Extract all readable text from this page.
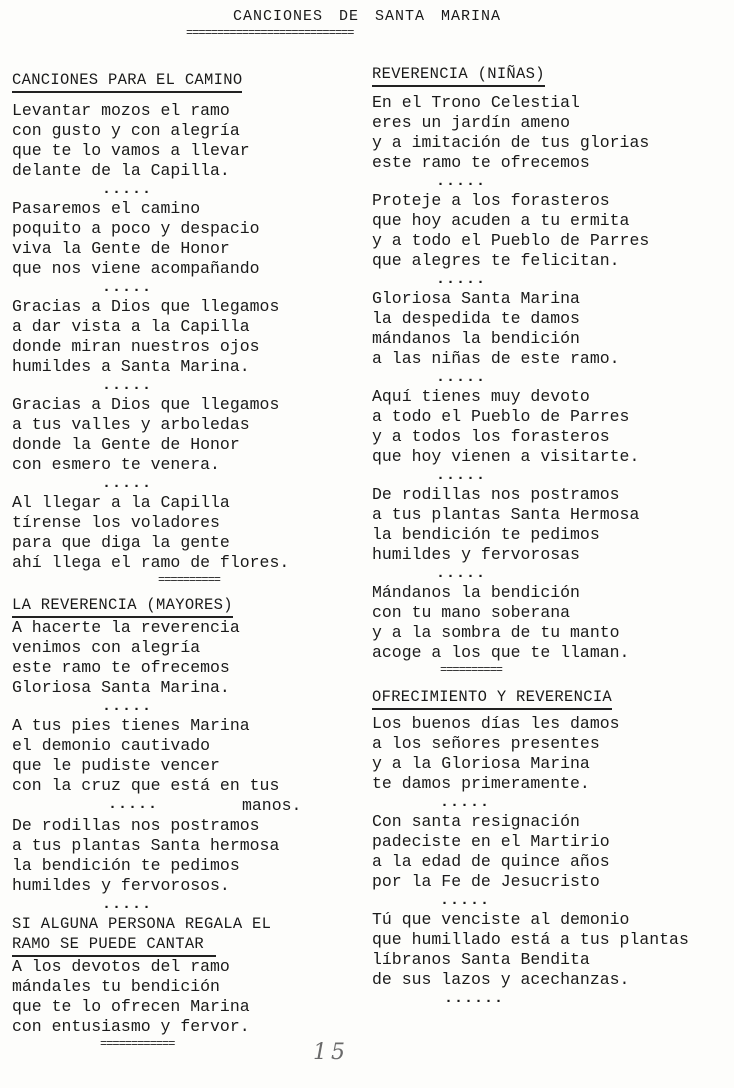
CANCIONES DE SANTA MARINA
===========================
CANCIONES PARA EL CAMINO
Levantar mozos el ramo
con gusto y con alegría
que te lo vamos a llevar
delante de la Capilla.
.....
Pasaremos el camino
poquito a poco y despacio
viva la Gente de Honor
que nos viene acompañando
.....
Gracias a Dios que llegamos
a dar vista a la Capilla
donde miran nuestros ojos
humildes a Santa Marina.
.....
Gracias a Dios que llegamos
a tus valles y arboledas
donde la Gente de Honor
con esmero te venera.
.....
Al llegar a la Capilla
tírense los voladores
para que diga la gente
ahí llega el ramo de flores.
==========
LA REVERENCIA (MAYORES)
A hacerte la reverencia
venimos con alegría
este ramo te ofrecemos
Gloriosa Santa Marina.
.....
A tus pies tienes Marina
el demonio cautivado
que le pudiste vencer
con la cruz que está en tus
.....	manos.
De rodillas nos postramos
a tus plantas Santa hermosa
la bendición te pedimos
humildes y fervorosos.
.....
SI ALGUNA PERSONA REGALA EL
RAMO SE PUEDE CANTAR
A los devotos del ramo
mándales tu bendición
que te lo ofrecen Marina
con entusiasmo y fervor.
============
REVERENCIA (NIÑAS)
En el Trono Celestial
eres un jardín ameno
y a imitación de tus glorias
este ramo te ofrecemos
.....
Proteje a los forasteros
que hoy acuden a tu ermita
y a todo el Pueblo de Parres
que alegres te felicitan.
.....
Gloriosa Santa Marina
la despedida te damos
mándanos la bendición
a las niñas de este ramo.
.....
Aquí tienes muy devoto
a todo el Pueblo de Parres
y a todos los forasteros
que hoy vienen a visitarte.
.....
De rodillas nos postramos
a tus plantas Santa Hermosa
la bendición te pedimos
humildes y fervorosas
.....
Mándanos la bendición
con tu mano soberana
y a la sombra de tu manto
acoge a los que te llaman.
==========
OFRECIMIENTO Y REVERENCIA
Los buenos días les damos
a los señores presentes
y a la Gloriosa Marina
te damos primeramente.
.....
Con santa resignación
padeciste en el Martirio
a la edad de quince años
por la Fe de Jesucristo
.....
Tú que venciste al demonio
que humillado está a tus plantas
líbranos Santa Bendita
de sus lazos y acechanzas.
......
15
